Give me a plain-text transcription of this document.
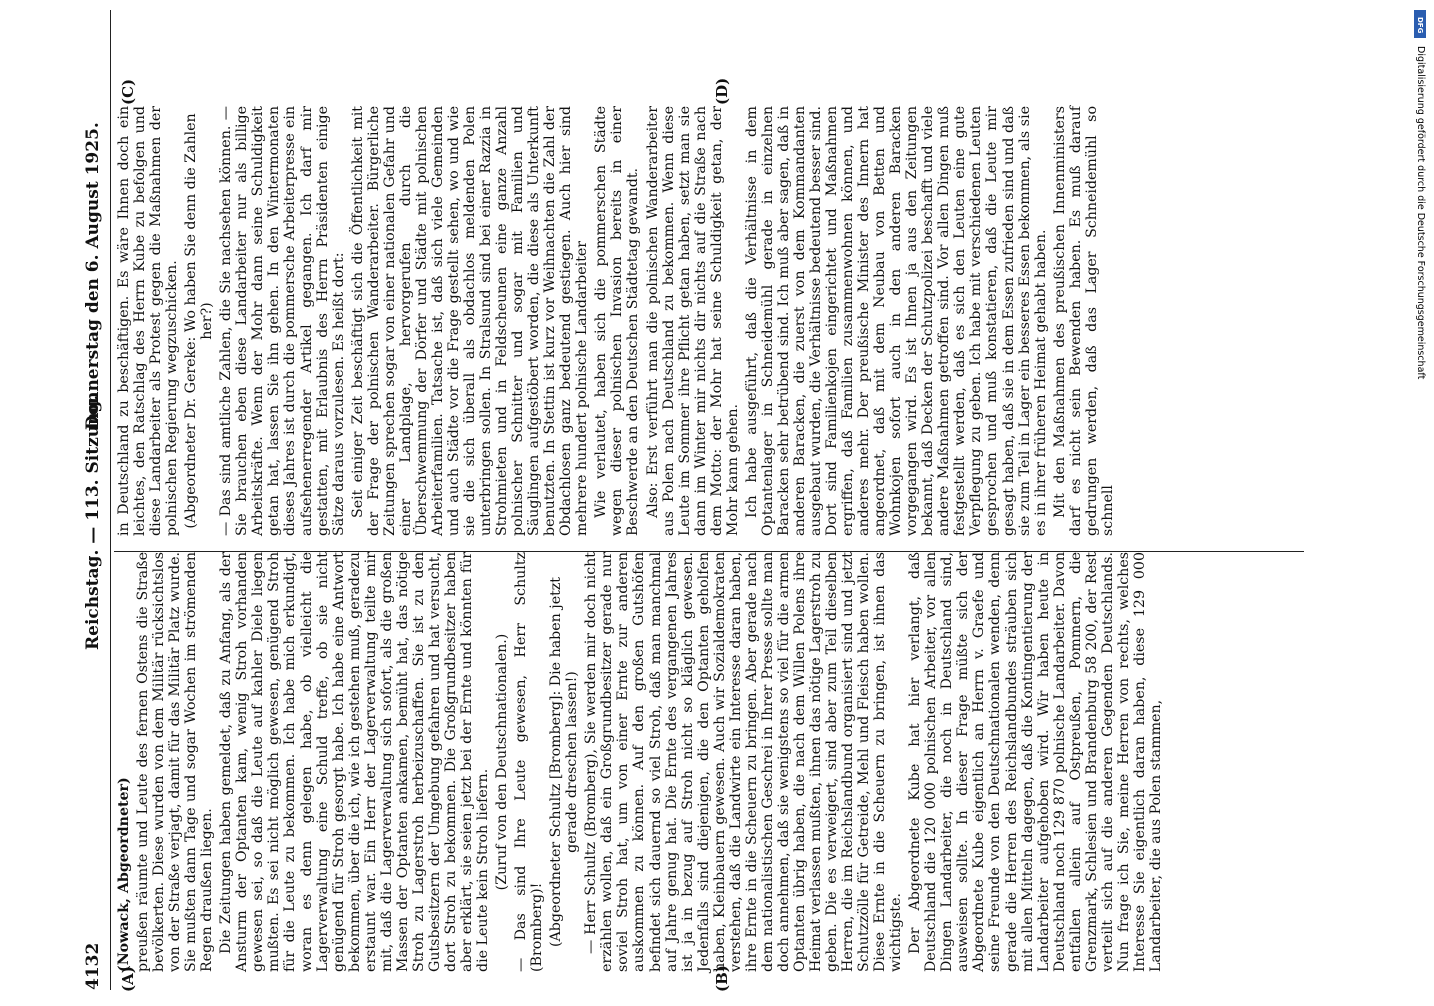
4132
Reichstag. — 113. Sitzung.
Donnerstag den 6. August 1925.
(A)	(B)
(C)	(D)

(Nowack, Abgeordneter) preußen räumte und Leute des fernen Ostens die Straße bevölkerten. Diese wurden von dem Militär rücksichtslos von der Straße verjagt, damit für das Militär Platz wurde. Sie mußten dann Tage und sogar Wochen im strömenden Regen draußen liegen. Die Zeitungen haben gemeldet, daß zu Anfang, als der Ansturm der Optanten kam, wenig Stroh vorhanden gewesen sei, so daß die Leute auf kahler Diele liegen mußten. Es sei nicht möglich gewesen, genügend Stroh für die Leute zu bekommen. Ich habe mich erkundigt, woran es denn gelegen habe, ob vielleicht die Lagerverwaltung eine Schuld treffe, ob sie nicht genügend für Stroh gesorgt habe. Ich habe eine Antwort bekommen, über die ich, wie ich gestehen muß, geradezu erstaunt war. Ein Herr der Lagerverwaltung teilte mir mit, daß die Lagerverwaltung sich sofort, als die großen Massen der Optanten ankamen, bemüht hat, das nötige Stroh zu Lagerstroh herbeizuschaffen. Sie ist zu den Gutsbesitzern der Umgebung gefahren und hat versucht, dort Stroh zu bekommen. Die Großgrundbesitzer haben aber erklärt, sie seien jetzt bei der Ernte und könnten für die Leute kein Stroh liefern. (Zuruf von den Deutschnationalen.) — Das sind Ihre Leute gewesen, Herr Schultz (Bromberg)! (Abgeordneter Schultz [Bromberg]: Die haben jetzt gerade dreschen lassen!) — Herr Schultz (Bromberg), Sie werden mir doch nicht erzählen wollen, daß ein Großgrundbesitzer gerade nur soviel Stroh hat, um von einer Ernte zur anderen auskommen zu können. Auf den großen Gutshöfen befindet sich dauernd so viel Stroh, daß man manchmal auf Jahre genug hat. Die Ernte des vergangenen Jahres ist ja in bezug auf Stroh nicht so kläglich gewesen. Jedenfalls sind diejenigen, die den Optanten geholfen haben, Kleinbauern gewesen. Auch wir Sozialdemokraten verstehen, daß die Landwirte ein Interesse daran haben, ihre Ernte in die Scheuern zu bringen. Aber gerade nach dem nationalistischen Geschrei in Ihrer Presse sollte man doch annehmen, daß sie wenigstens so viel für die armen Optanten übrig haben, die nach dem Willen Polens ihre Heimat verlassen mußten, ihnen das nötige Lagerstroh zu geben. Die es verweigert, sind aber zum Teil dieselben Herren, die im Reichslandbund organisiert sind und jetzt Schutzzölle für Getreide, Mehl und Fleisch haben wollen. Diese Ernte in die Scheuern zu bringen, ist ihnen das wichtigste. Der Abgeordnete Kube hat hier verlangt, daß Deutschland die 120 000 polnischen Arbeiter, vor allen Dingen Landarbeiter, die noch in Deutschland sind, ausweisen sollte. In dieser Frage müßte sich der Abgeordnete Kube eigentlich an Herrn v. Graefe und seine Freunde von den Deutschnationalen wenden, denn gerade die Herren des Reichslandbundes sträuben sich mit allen Mitteln dagegen, daß die Kontingentierung der Landarbeiter aufgehoben wird. Wir haben heute in Deutschland noch 129 870 polnische Landarbeiter. Davon entfallen allein auf Ostpreußen, Pommern, die Grenzmark, Schlesien und Brandenburg 58 200, der Rest verteilt sich auf die anderen Gegenden Deutschlands. Nun frage ich Sie, meine Herren von rechts, welches Interesse Sie eigentlich daran haben, diese 129 000 Landarbeiter, die aus Polen stammen,

in Deutschland zu beschäftigen. Es wäre Ihnen doch ein leichtes, den Ratschlag des Herrn Kube zu befolgen und diese Landarbeiter als Protest gegen die Maßnahmen der polnischen Regierung wegzuschicken. (Abgeordneter Dr. Gereke: Wo haben Sie denn die Zahlen her?) — Das sind amtliche Zahlen, die Sie nachsehen können. — Sie brauchen eben diese Landarbeiter nur als billige Arbeitskräfte. Wenn der Mohr dann seine Schuldigkeit getan hat, lassen Sie ihn gehen. In den Wintermonaten dieses Jahres ist durch die pommersche Arbeiterpresse ein aufsehenerregender Artikel gegangen. Ich darf mir gestatten, mit Erlaubnis des Herrn Präsidenten einige Sätze daraus vorzulesen. Es heißt dort: Seit einiger Zeit beschäftigt sich die Öffentlichkeit mit der Frage der polnischen Wanderarbeiter. Bürgerliche Zeitungen sprechen sogar von einer nationalen Gefahr und einer Landplage, hervorgerufen durch die Überschwemmung der Dörfer und Städte mit polnischen Arbeiterfamilien. Tatsache ist, daß sich viele Gemeinden und auch Städte vor die Frage gestellt sehen, wo und wie sie die sich überall als obdachlos meldenden Polen unterbringen sollen. In Stralsund sind bei einer Razzia in Strohmieten und in Feldscheunen eine ganze Anzahl polnischer Schnitter und sogar mit Familien und Säuglingen aufgestöbert worden, die diese als Unterkunft benutzten. In Stettin ist kurz vor Weihnachten die Zahl der Obdachlosen ganz bedeutend gestiegen. Auch hier sind mehrere hundert polnische Landarbeiter Wie verlautet, haben sich die pommerschen Städte wegen dieser polnischen Invasion bereits in einer Beschwerde an den Deutschen Städtetag gewandt. Also: Erst verführt man die polnischen Wanderarbeiter aus Polen nach Deutschland zu bekommen. Wenn diese Leute im Sommer ihre Pflicht getan haben, setzt man sie dann im Winter mir nichts dir nichts auf die Straße nach dem Motto: der Mohr hat seine Schuldigkeit getan, der Mohr kann gehen. Ich habe ausgeführt, daß die Verhältnisse in dem Optantenlager in Schneidemühl gerade in einzelnen Baracken sehr betrübend sind. Ich muß aber sagen, daß in anderen Baracken, die zuerst von dem Kommandanten ausgebaut wurden, die Verhältnisse bedeutend besser sind. Dort sind Familienkojen eingerichtet und Maßnahmen ergriffen, daß Familien zusammenwohnen können, und anderes mehr. Der preußische Minister des Innern hat angeordnet, daß mit dem Neubau von Betten und Wohnkojen sofort auch in den anderen Baracken vorgegangen wird. Es ist Ihnen ja aus den Zeitungen bekannt, daß Decken der Schutzpolizei beschafft und viele andere Maßnahmen getroffen sind. Vor allen Dingen muß festgestellt werden, daß es sich den Leuten eine gute Verpflegung zu geben. Ich habe mit verschiedenen Leuten gesprochen und muß konstatieren, daß die Leute mir gesagt haben, daß sie in dem Essen zufrieden sind und daß sie zum Teil in Lager ein besseres Essen bekommen, als sie es in ihrer früheren Heimat gehabt haben. Mit den Maßnahmen des preußischen Innenministers darf es nicht sein Bewenden haben. Es muß darauf gedrungen werden, daß das Lager Schneidemühl so schnell

DFG
Digitalisierung gefördert durch die Deutsche Forschungsgemeinschaft
